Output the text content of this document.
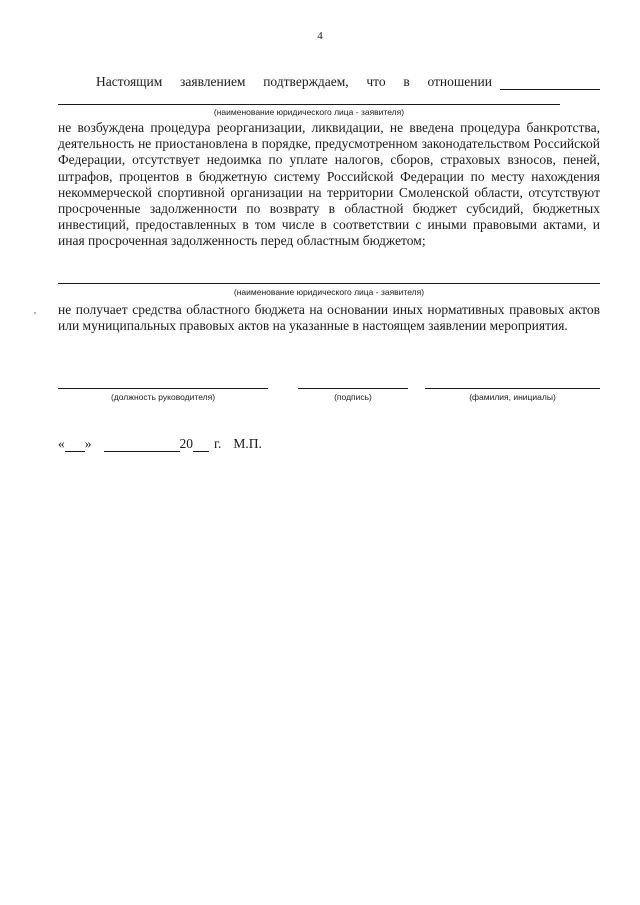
4
Настоящим заявлением подтверждаем, что в отношении
(наименование юридического лица - заявителя)
не возбуждена процедура реорганизации, ликвидации, не введена процедура банкротства, деятельность не приостановлена в порядке, предусмотренном законодательством Российской Федерации, отсутствует недоимка по уплате налогов, сборов, страховых взносов, пеней, штрафов, процентов в бюджетную систему Российской Федерации по месту нахождения некоммерческой спортивной организации на территории Смоленской области, отсутствуют просроченные задолженности по возврату в областной бюджет субсидий, бюджетных инвестиций, предоставленных в том числе в соответствии с иными правовыми актами, и иная просроченная задолженность перед областным бюджетом;
(наименование юридического лица - заявителя)
не получает средства областного бюджета на основании иных нормативных правовых актов или муниципальных правовых актов на указанные в настоящем заявлении мероприятия.
(должность руководителя)	(подпись)	(фамилия, инициалы)
« »	20 г. М.П.
